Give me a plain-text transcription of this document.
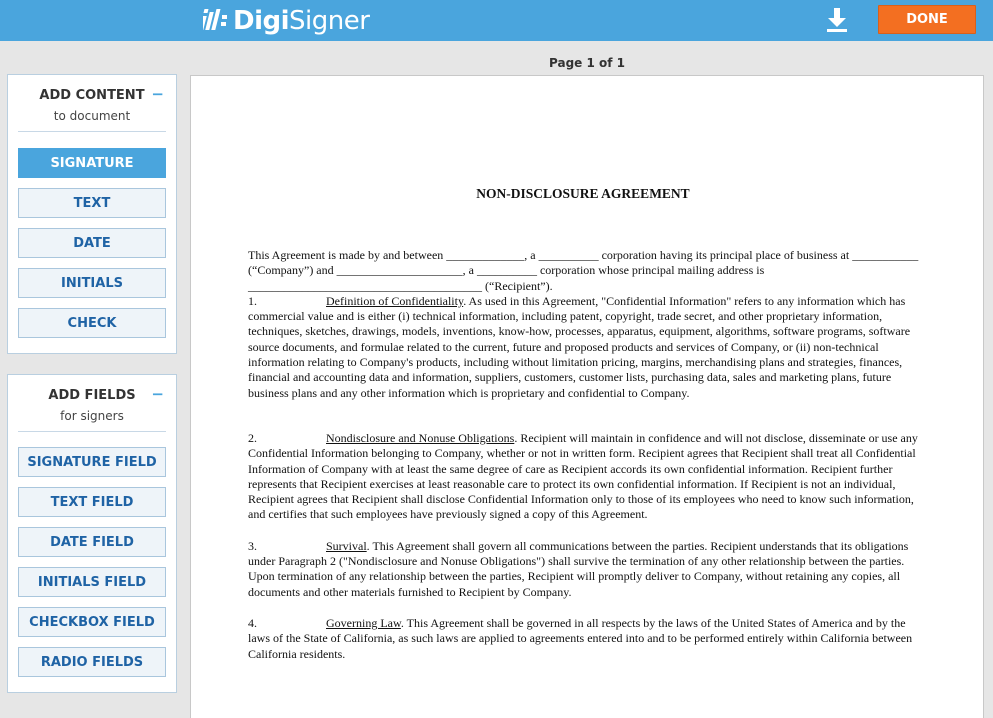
DigiSigner	DONE
Page 1 of 1
ADD CONTENT
to document
−
SIGNATURE
TEXT
DATE
INITIALS
CHECK
ADD FIELDS
for signers
−
SIGNATURE FIELD
TEXT FIELD
DATE FIELD
INITIALS FIELD
CHECKBOX FIELD
RADIO FIELDS
NON-DISCLOSURE AGREEMENT

This Agreement is made by and between _____________, a __________ corporation having its principal place of business at ___________ (“Company”) and _____________________, a __________ corporation whose principal mailing address is _______________________________________ (“Recipient”).

1.	Definition of Confidentiality. As used in this Agreement, "Confidential Information" refers to any information which has commercial value and is either (i) technical information, including patent, copyright, trade secret, and other proprietary information, techniques, sketches, drawings, models, inventions, know-how, processes, apparatus, equipment, algorithms, software programs, software source documents, and formulae related to the current, future and proposed products and services of Company, or (ii) non-technical information relating to Company's products, including without limitation pricing, margins, merchandising plans and strategies, finances, financial and accounting data and information, suppliers, customers, customer lists, purchasing data, sales and marketing plans, future business plans and any other information which is proprietary and confidential to Company.

2.	Nondisclosure and Nonuse Obligations. Recipient will maintain in confidence and will not disclose, disseminate or use any Confidential Information belonging to Company, whether or not in written form. Recipient agrees that Recipient shall treat all Confidential Information of Company with at least the same degree of care as Recipient accords its own confidential information. Recipient further represents that Recipient exercises at least reasonable care to protect its own confidential information. If Recipient is not an individual, Recipient agrees that Recipient shall disclose Confidential Information only to those of its employees who need to know such information, and certifies that such employees have previously signed a copy of this Agreement.

3.	Survival. This Agreement shall govern all communications between the parties. Recipient understands that its obligations under Paragraph 2 ("Nondisclosure and Nonuse Obligations") shall survive the termination of any other relationship between the parties. Upon termination of any relationship between the parties, Recipient will promptly deliver to Company, without retaining any copies, all documents and other materials furnished to Recipient by Company.

4.	Governing Law. This Agreement shall be governed in all respects by the laws of the United States of America and by the laws of the State of California, as such laws are applied to agreements entered into and to be performed entirely within California between California residents.
